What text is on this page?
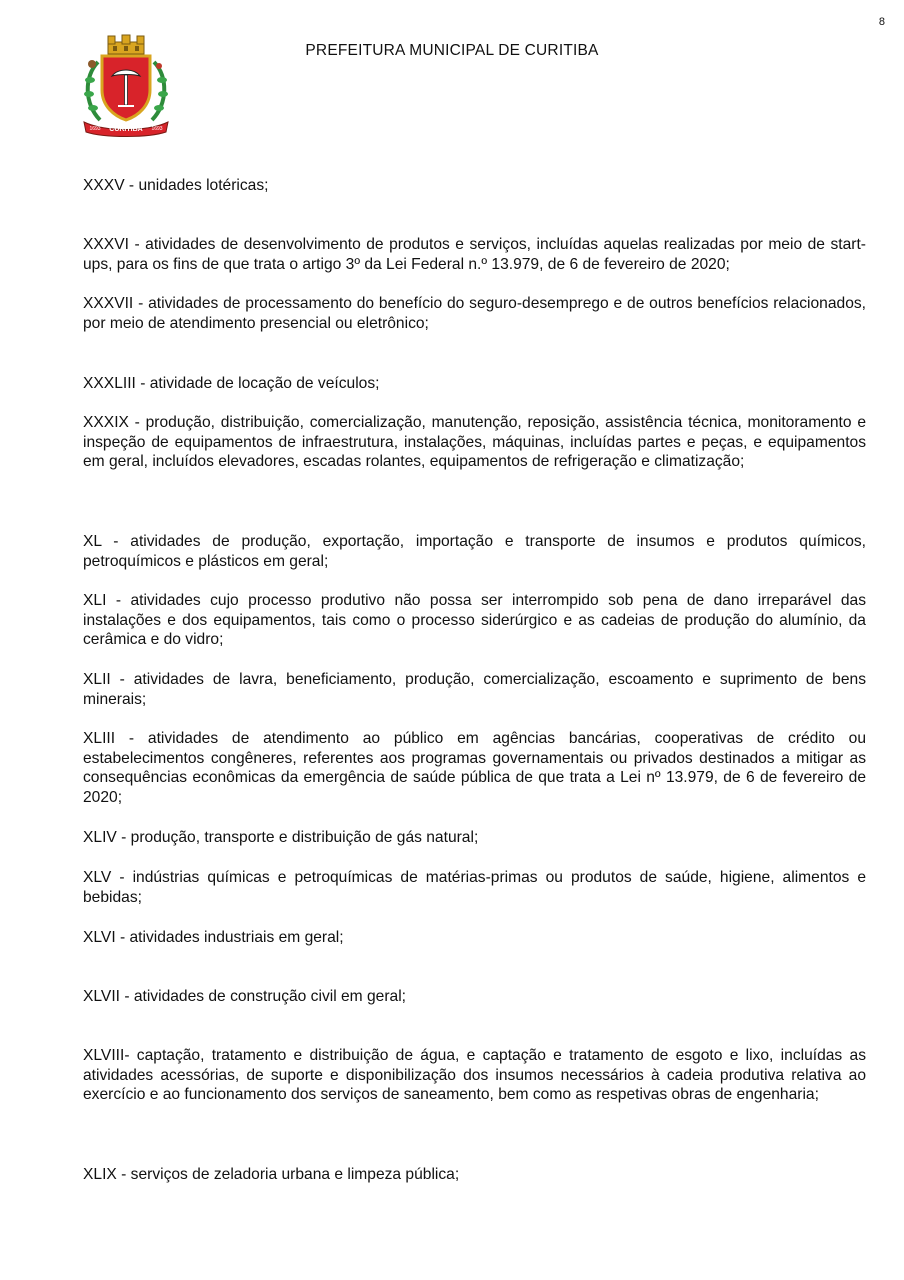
8
CURITIBA
1693	1693
PREFEITURA MUNICIPAL DE CURITIBA

XXXV - unidades lotéricas;

XXXVI - atividades de desenvolvimento de produtos e serviços, incluídas aquelas realizadas por meio de start-ups, para os fins de que trata o artigo 3º da Lei Federal n.º 13.979, de 6 de fevereiro de 2020;

XXXVII - atividades de processamento do benefício do seguro-desemprego e de outros benefícios relacionados, por meio de atendimento presencial ou eletrônico;

XXXLIII - atividade de locação de veículos;

XXXIX - produção, distribuição, comercialização, manutenção, reposição, assistência técnica, monitoramento e inspeção de equipamentos de infraestrutura, instalações, máquinas, incluídas partes e peças, e equipamentos em geral, incluídos elevadores, escadas rolantes, equipamentos de refrigeração e climatização;

XL - atividades de produção, exportação, importação e transporte de insumos e produtos químicos, petroquímicos e plásticos em geral;

XLI - atividades cujo processo produtivo não possa ser interrompido sob pena de dano irreparável das instalações e dos equipamentos, tais como o processo siderúrgico e as cadeias de produção do alumínio, da cerâmica e do vidro;

XLII - atividades de lavra, beneficiamento, produção, comercialização, escoamento e suprimento de bens minerais;

XLIII - atividades de atendimento ao público em agências bancárias, cooperativas de crédito ou estabelecimentos congêneres, referentes aos programas governamentais ou privados destinados a mitigar as consequências econômicas da emergência de saúde pública de que trata a Lei nº 13.979, de 6 de fevereiro de 2020;

XLIV - produção, transporte e distribuição de gás natural;

XLV - indústrias químicas e petroquímicas de matérias-primas ou produtos de saúde, higiene, alimentos e bebidas;

XLVI - atividades industriais em geral;

XLVII - atividades de construção civil em geral;

XLVIII- captação, tratamento e distribuição de água, e captação e tratamento de esgoto e lixo, incluídas as atividades acessórias, de suporte e disponibilização dos insumos necessários à cadeia produtiva relativa ao exercício e ao funcionamento dos serviços de saneamento, bem como as respetivas obras de engenharia;

XLIX - serviços de zeladoria urbana e limpeza pública;
